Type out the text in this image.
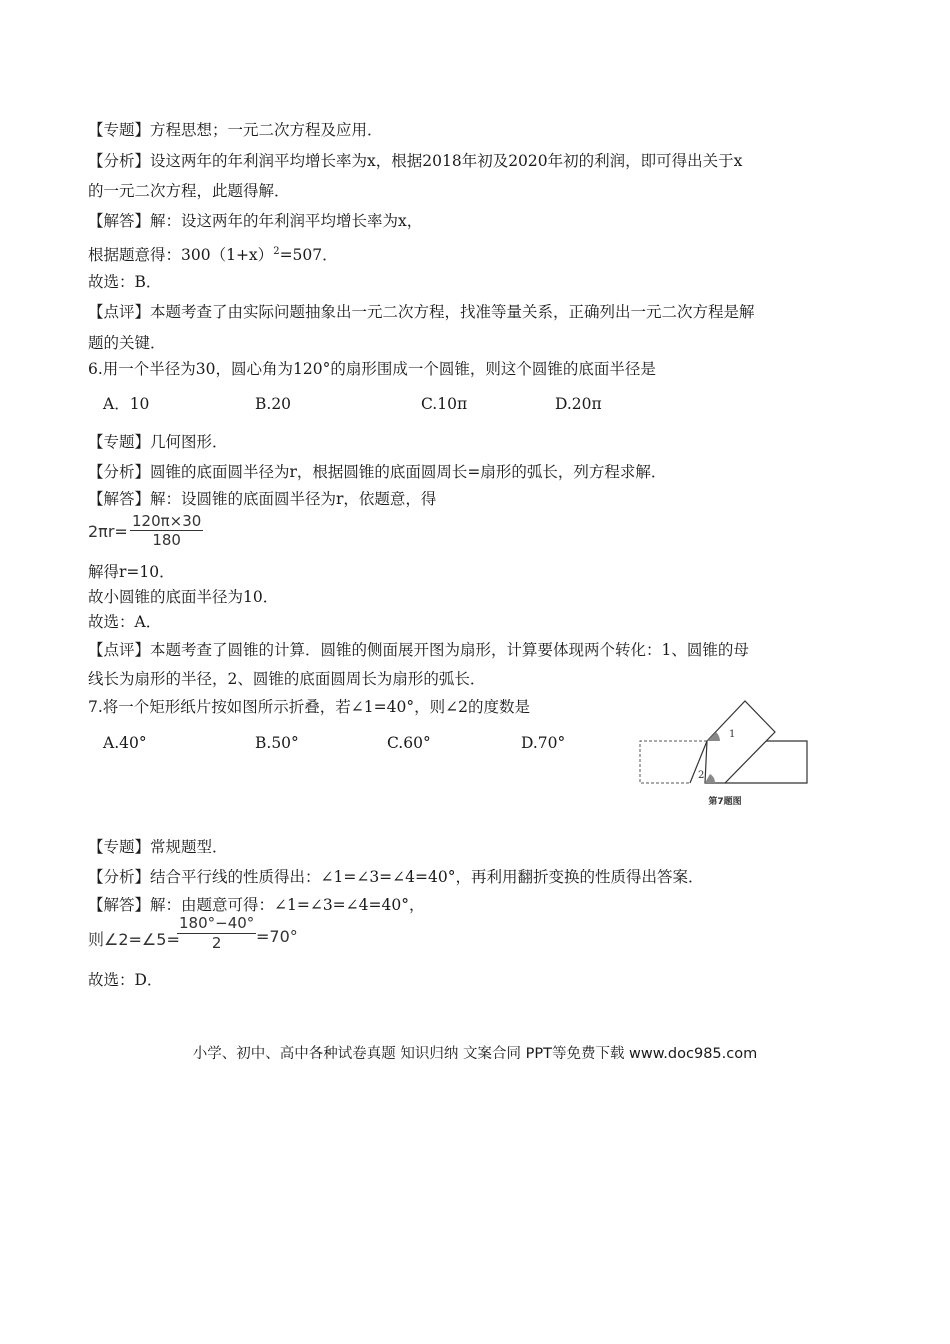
【专题】方程思想；一元二次方程及应用．
【分析】设这两年的年利润平均增长率为x，根据2018年初及2020年初的利润，即可得出关于x
的一元二次方程，此题得解．
【解答】解：设这两年的年利润平均增长率为x，
根据题意得：$300(1+x)^2=507$．
故选：B．
【点评】本题考查了由实际问题抽象出一元二次方程，找准等量关系，正确列出一元二次方程是解
题的关键．
6.用一个半径为30，圆心角为120°的扇形围成一个圆锥，则这个圆锥的底面半径是
A．10	B.20	C.10π	D.20π
【专题】几何图形．
【分析】圆锥的底面圆半径为r，根据圆锥的底面圆周长=扇形的弧长，列方程求解．
【解答】解：设圆锥的底面圆半径为r，依题意，得
$2\pi r= \frac{120\pi\times 30}{180}$
解得r=10．
故小圆锥的底面半径为10．
故选：A．
【点评】本题考查了圆锥的计算．圆锥的侧面展开图为扇形，计算要体现两个转化：1、圆锥的母
线长为扇形的半径，2、圆锥的底面圆周长为扇形的弧长．
7.将一个矩形纸片按如图所示折叠，若∠1=40°，则∠2的度数是
A.40°	B.50°	C.60°	D.70°	1
2
第7题图
【专题】常规题型．
【分析】结合平行线的性质得出：∠1=∠3=∠4=40°，再利用翻折变换的性质得出答案．
【解答】解：由题意可得：∠1=∠3=∠4=40°，
则∠2=∠5=
$\frac{180^\circ-40^\circ}{2} =70^\circ$
故选：D．
小学、初中、高中各种试卷真题 知识归纳 文案合同 PPT等免费下载 www.doc985.com
